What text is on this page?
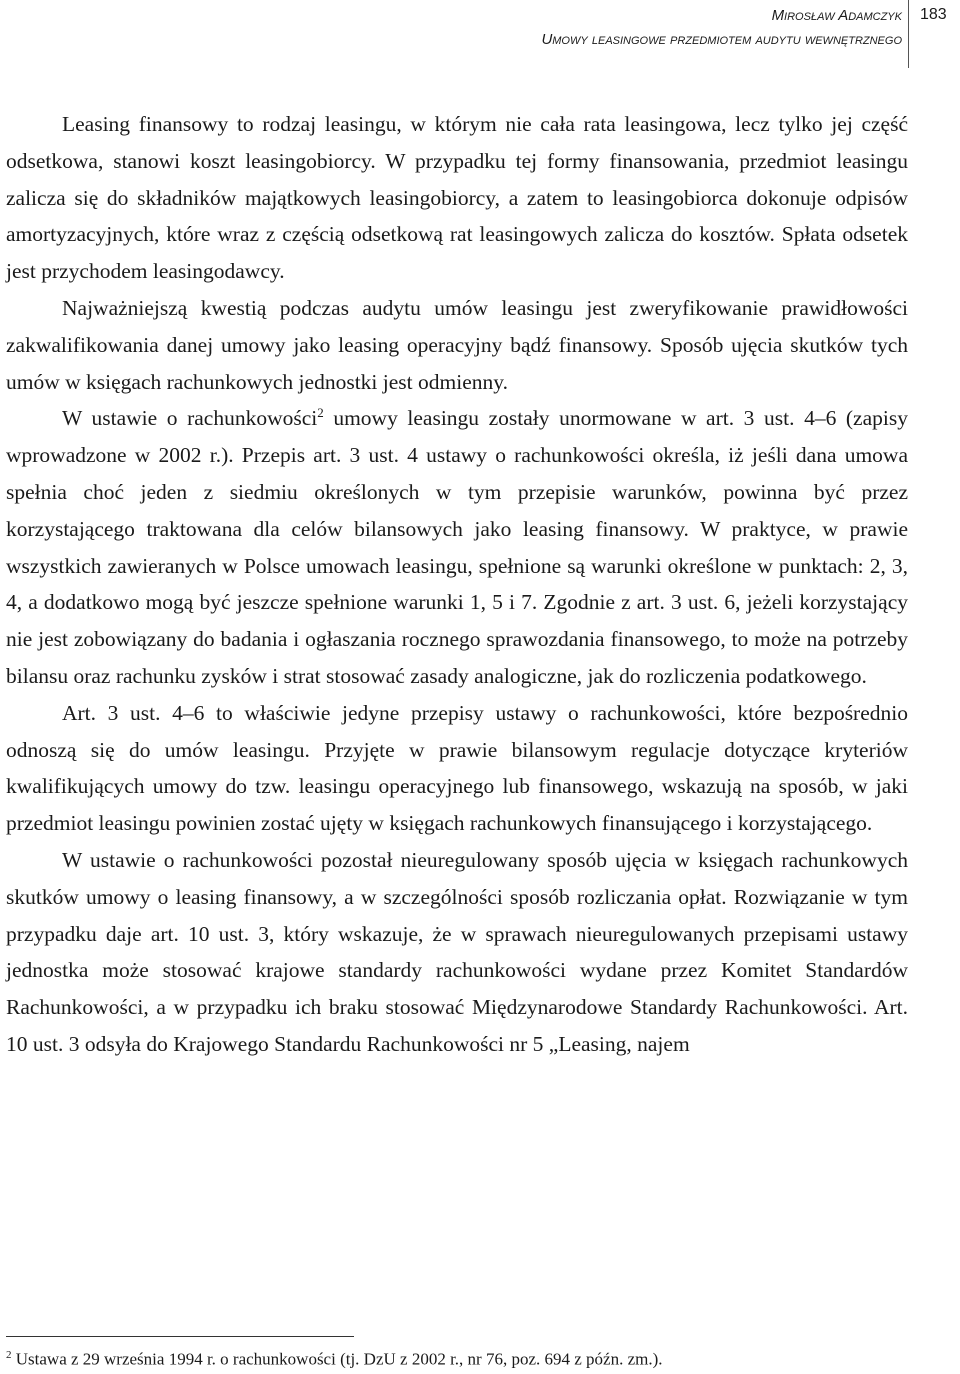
Mirosław Adamczyk
Umowy leasingowe przedmiotem audytu wewnętrznego
183

Leasing finansowy to rodzaj leasingu, w którym nie cała rata leasingowa, lecz tylko jej część odsetkowa, stanowi koszt leasingobiorcy. W przypadku tej formy finansowania, przedmiot leasingu zalicza się do składników majątkowych leasingobiorcy, a zatem to leasingobiorca dokonuje odpisów amortyzacyjnych, które wraz z częścią odsetkową rat leasingowych zalicza do kosztów. Spłata odsetek jest przychodem leasingodawcy.

Najważniejszą kwestią podczas audytu umów leasingu jest zweryfikowanie prawidłowości zakwalifikowania danej umowy jako leasing operacyjny bądź finansowy. Sposób ujęcia skutków tych umów w księgach rachunkowych jednostki jest odmienny.

W ustawie o rachunkowości$^2$ umowy leasingu zostały unormowane w art. 3 ust. 4–6 (zapisy wprowadzone w 2002 r.). Przepis art. 3 ust. 4 ustawy o rachunkowości określa, iż jeśli dana umowa spełnia choć jeden z siedmiu określonych w tym przepisie warunków, powinna być przez korzystającego traktowana dla celów bilansowych jako leasing finansowy. W praktyce, w prawie wszystkich zawieranych w Polsce umowach leasingu, spełnione są warunki określone w punktach: 2, 3, 4, a dodatkowo mogą być jeszcze spełnione warunki 1, 5 i 7. Zgodnie z art. 3 ust. 6, jeżeli korzystający nie jest zobowiązany do badania i ogłaszania rocznego sprawozdania finansowego, to może na potrzeby bilansu oraz rachunku zysków i strat stosować zasady analogiczne, jak do rozliczenia podatkowego.

Art. 3 ust. 4–6 to właściwie jedyne przepisy ustawy o rachunkowości, które bezpośrednio odnoszą się do umów leasingu. Przyjęte w prawie bilansowym regulacje dotyczące kryteriów kwalifikujących umowy do tzw. leasingu operacyjnego lub finansowego, wskazują na sposób, w jaki przedmiot leasingu powinien zostać ujęty w księgach rachunkowych finansującego i korzystającego.

W ustawie o rachunkowości pozostał nieuregulowany sposób ujęcia w księgach rachunkowych skutków umowy o leasing finansowy, a w szczególności sposób rozliczania opłat. Rozwiązanie w tym przypadku daje art. 10 ust. 3, który wskazuje, że w sprawach nieuregulowanych przepisami ustawy jednostka może stosować krajowe standardy rachunkowości wydane przez Komitet Standardów Rachunkowości, a w przypadku ich braku stosować Międzynarodowe Standardy Rachunkowości. Art. 10 ust. 3 odsyła do Krajowego Standardu Rachunkowości nr 5 „Leasing, najem

$^2$ Ustawa z 29 września 1994 r. o rachunkowości (tj. DzU z 2002 r., nr 76, poz. 694 z późn. zm.).
